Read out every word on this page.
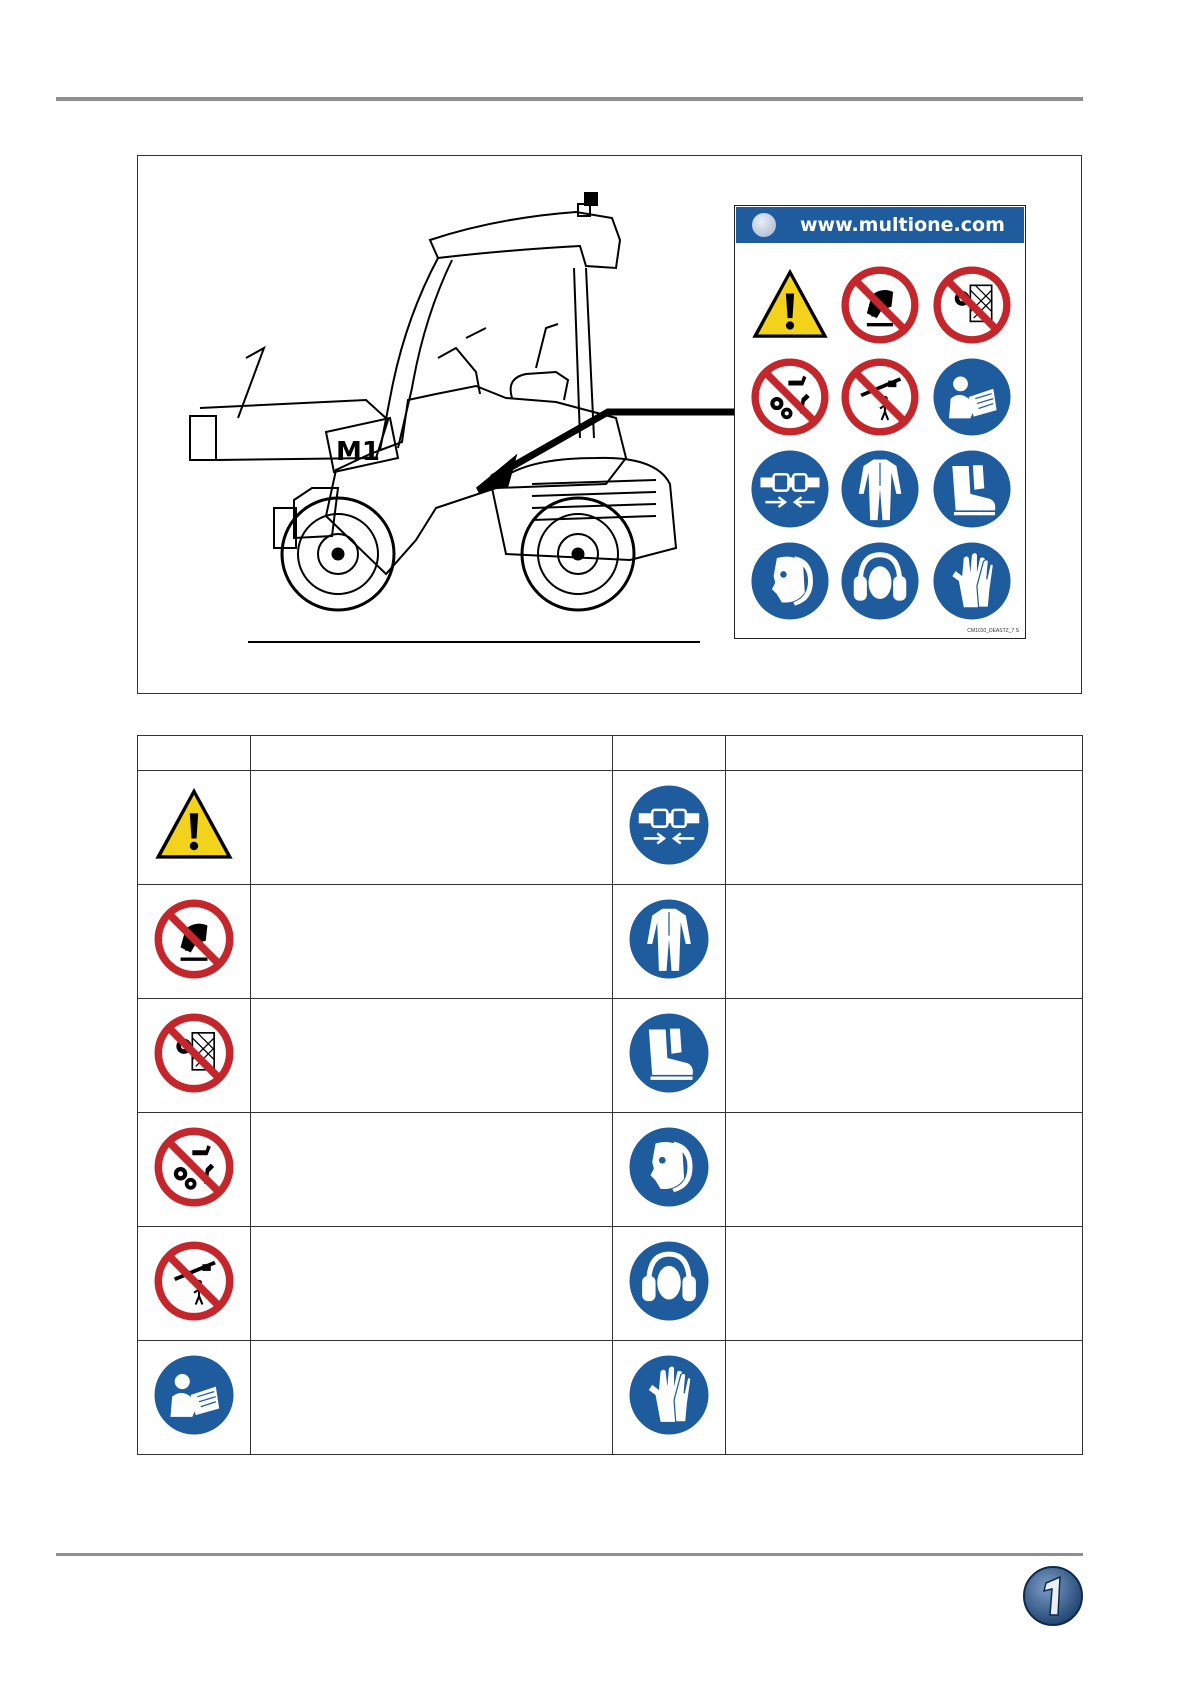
M1
www.multione.com
CM1010_DEASTZ_7 S
